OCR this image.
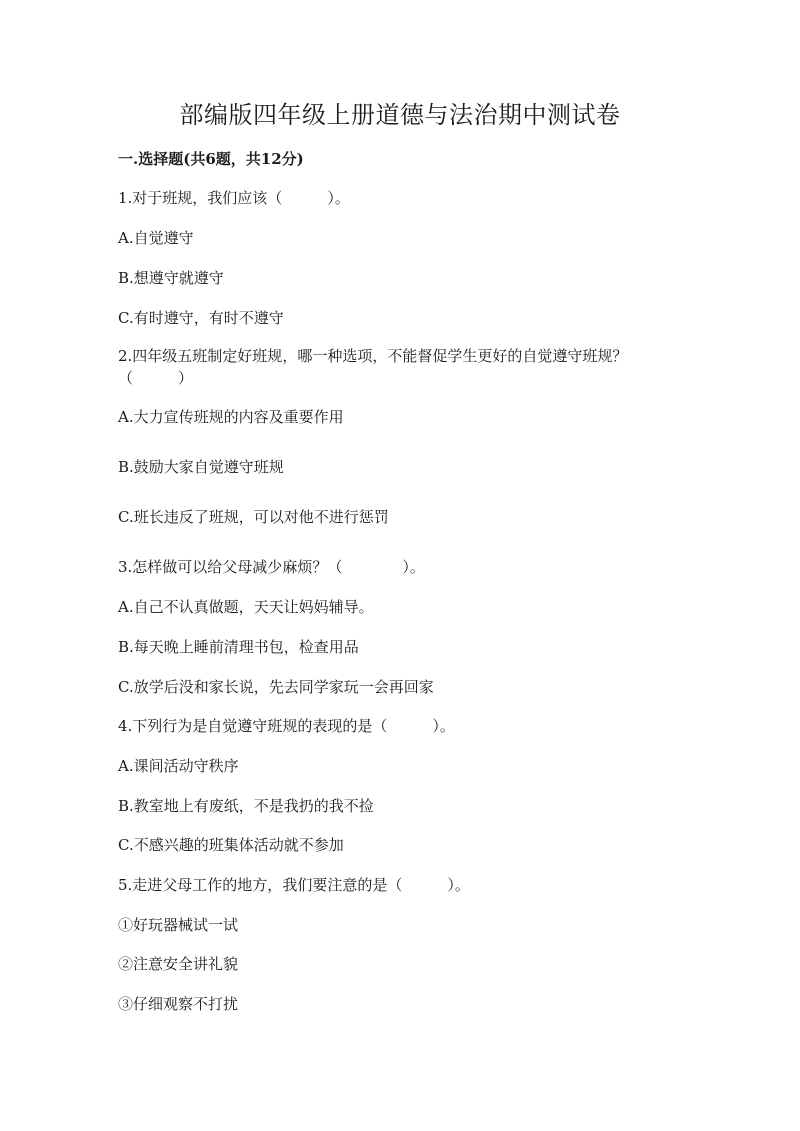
部编版四年级上册道德与法治期中测试卷
一.选择题(共6题，共12分)
1.对于班规，我们应该（　　　）。
A.自觉遵守
B.想遵守就遵守
C.有时遵守，有时不遵守
2.四年级五班制定好班规，哪一种选项，不能督促学生更好的自觉遵守班规？
（　　　）
A.大力宣传班规的内容及重要作用
B.鼓励大家自觉遵守班规
C.班长违反了班规，可以对他不进行惩罚
3.怎样做可以给父母减少麻烦？（　　　　）。
A.自己不认真做题，天天让妈妈辅导。
B.每天晚上睡前清理书包，检查用品
C.放学后没和家长说，先去同学家玩一会再回家
4.下列行为是自觉遵守班规的表现的是（　　　）。
A.课间活动守秩序
B.教室地上有废纸，不是我扔的我不捡
C.不感兴趣的班集体活动就不参加
5.走进父母工作的地方，我们要注意的是（　　　）。
①好玩器械试一试
②注意安全讲礼貌
③仔细观察不打扰
